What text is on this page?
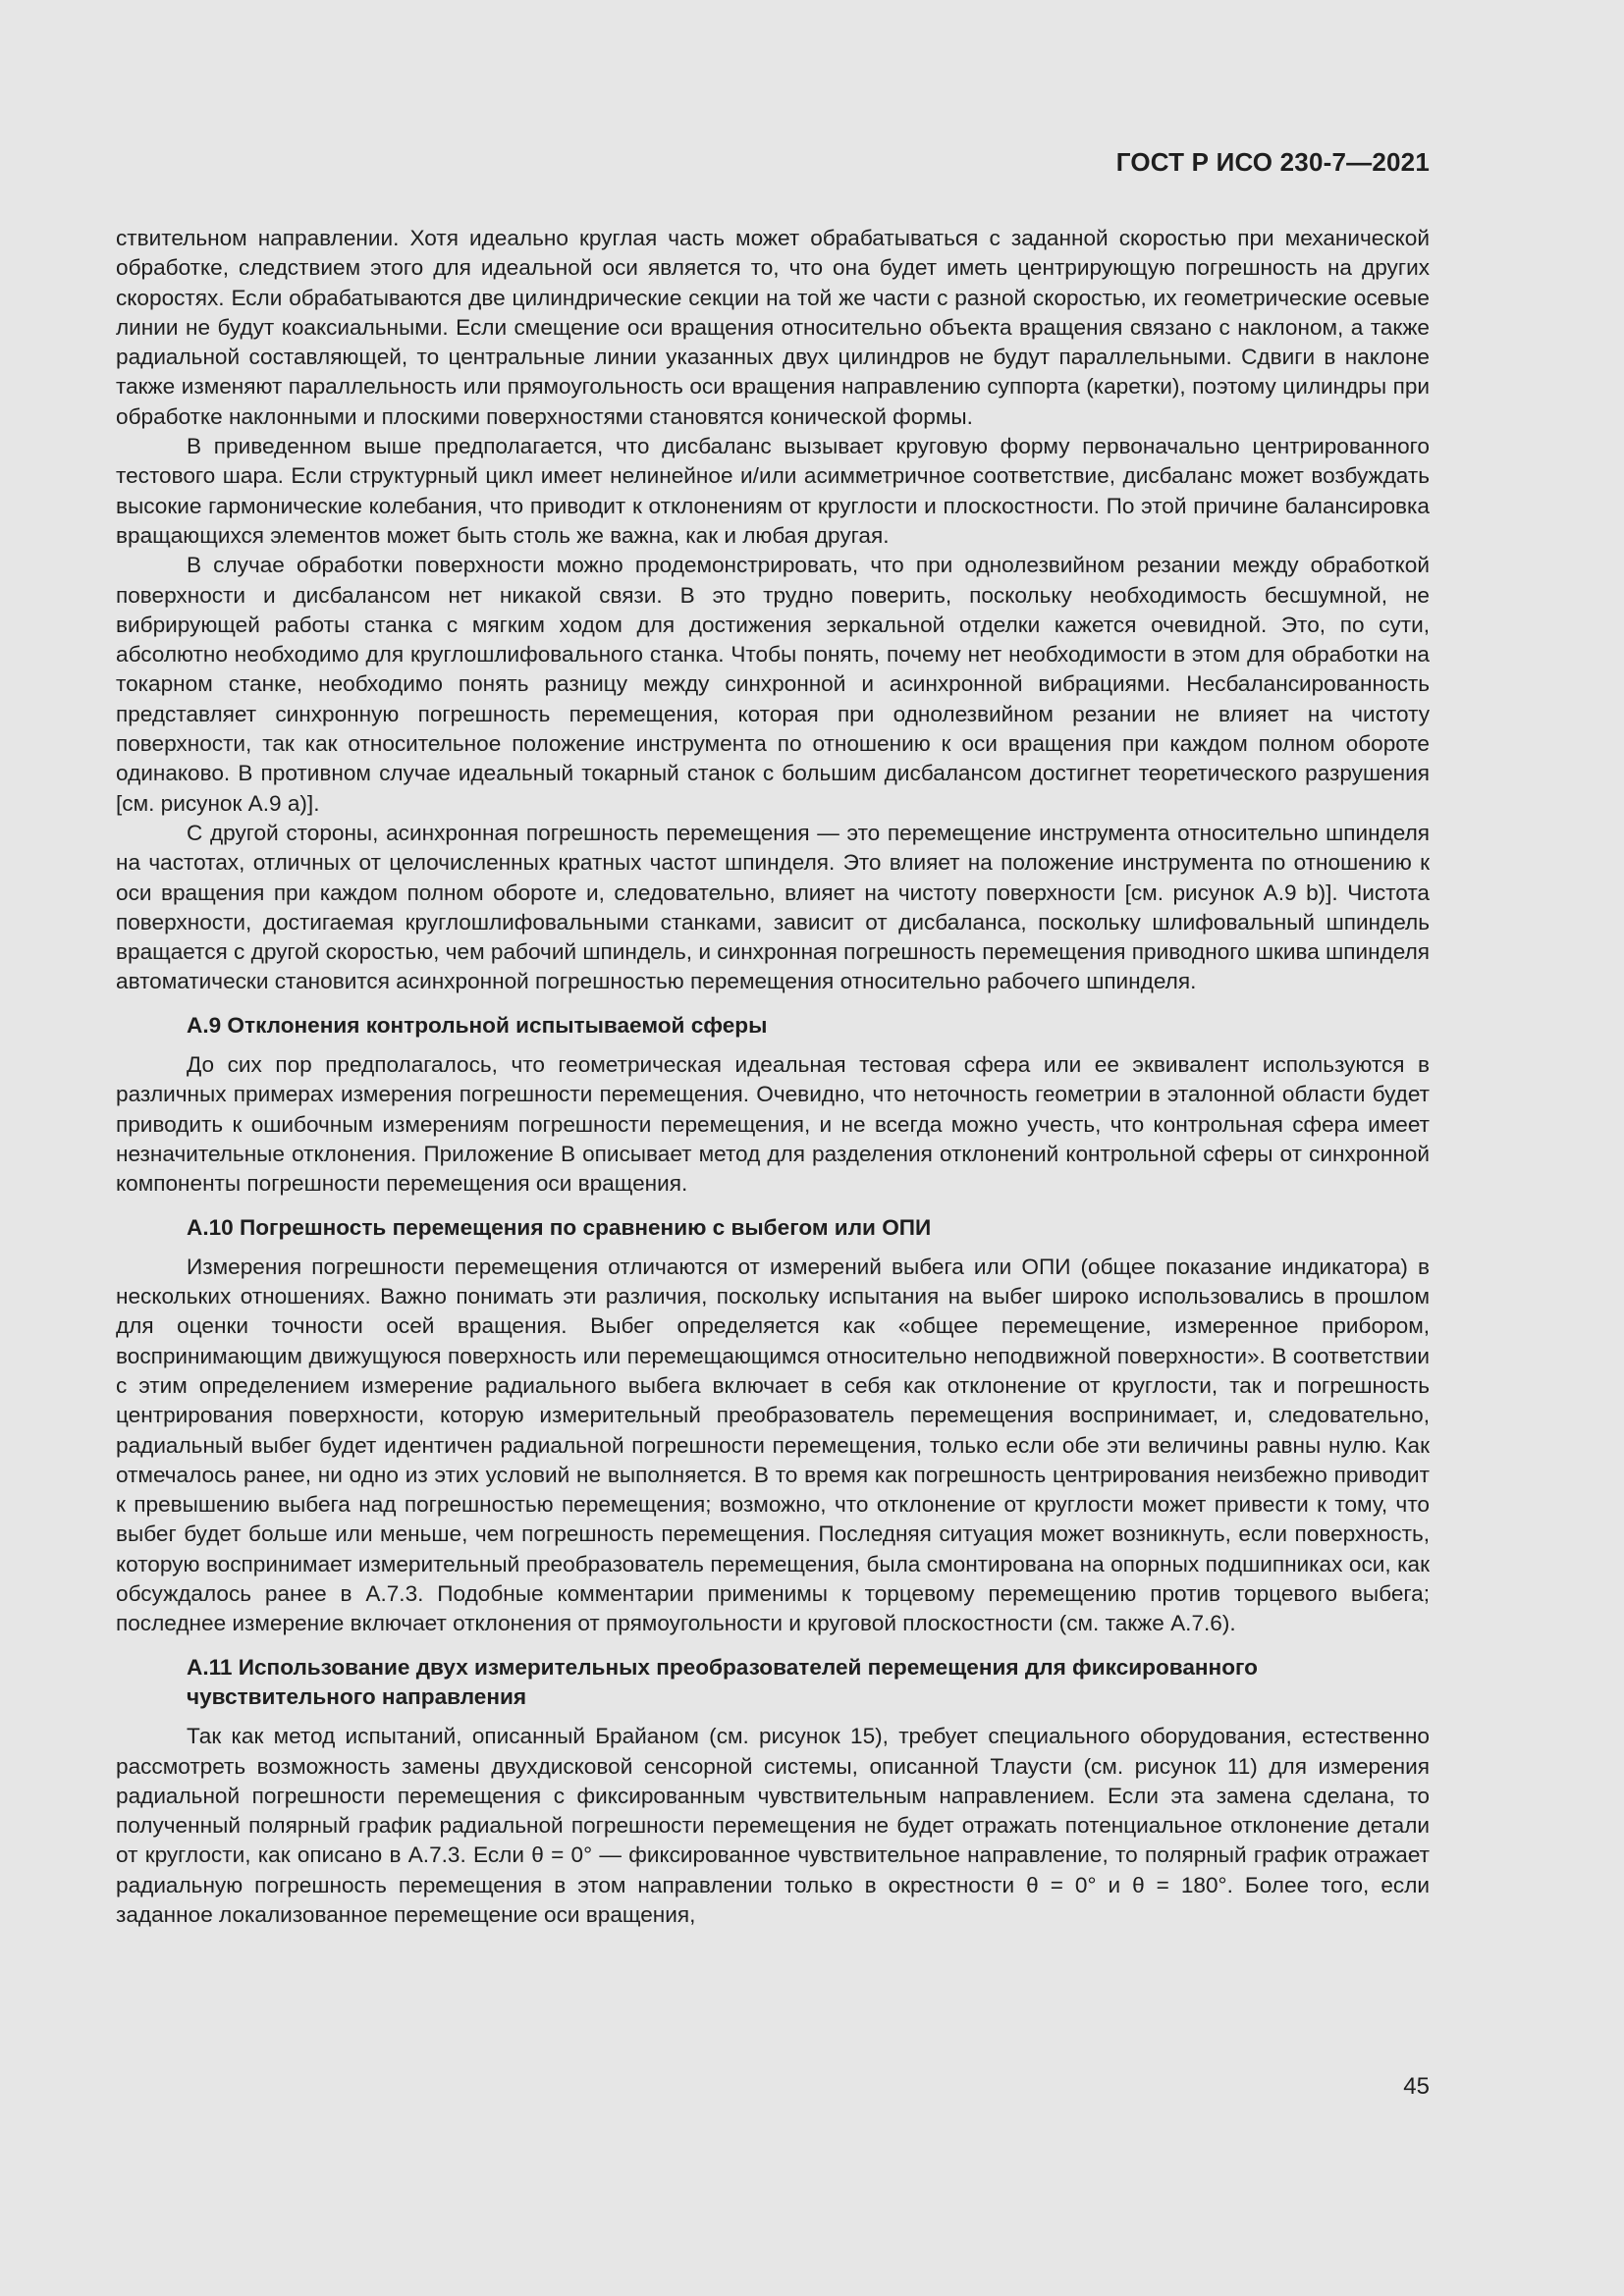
ГОСТ Р ИСО 230-7—2021

ствительном направлении. Хотя идеально круглая часть может обрабатываться с заданной скоростью при механической обработке, следствием этого для идеальной оси является то, что она будет иметь центрирующую погрешность на других скоростях. Если обрабатываются две цилиндрические секции на той же части с разной скоростью, их геометрические осевые линии не будут коаксиальными. Если смещение оси вращения относительно объекта вращения связано с наклоном, а также радиальной составляющей, то центральные линии указанных двух цилиндров не будут параллельными. Сдвиги в наклоне также изменяют параллельность или прямоугольность оси вращения направлению суппорта (каретки), поэтому цилиндры при обработке наклонными и плоскими поверхностями становятся конической формы.

В приведенном выше предполагается, что дисбаланс вызывает круговую форму первоначально центрированного тестового шара. Если структурный цикл имеет нелинейное и/или асимметричное соответствие, дисбаланс может возбуждать высокие гармонические колебания, что приводит к отклонениям от круглости и плоскостности. По этой причине балансировка вращающихся элементов может быть столь же важна, как и любая другая.

В случае обработки поверхности можно продемонстрировать, что при однолезвийном резании между обработкой поверхности и дисбалансом нет никакой связи. В это трудно поверить, поскольку необходимость бесшумной, не вибрирующей работы станка с мягким ходом для достижения зеркальной отделки кажется очевидной. Это, по сути, абсолютно необходимо для круглошлифовального станка. Чтобы понять, почему нет необходимости в этом для обработки на токарном станке, необходимо понять разницу между синхронной и асинхронной вибрациями. Несбалансированность представляет синхронную погрешность перемещения, которая при однолезвийном резании не влияет на чистоту поверхности, так как относительное положение инструмента по отношению к оси вращения при каждом полном обороте одинаково. В противном случае идеальный токарный станок с большим дисбалансом достигнет теоретического разрушения [см. рисунок А.9 а)].

С другой стороны, асинхронная погрешность перемещения — это перемещение инструмента относительно шпинделя на частотах, отличных от целочисленных кратных частот шпинделя. Это влияет на положение инструмента по отношению к оси вращения при каждом полном обороте и, следовательно, влияет на чистоту поверхности [см. рисунок А.9 b)]. Чистота поверхности, достигаемая круглошлифовальными станками, зависит от дисбаланса, поскольку шлифовальный шпиндель вращается с другой скоростью, чем рабочий шпиндель, и синхронная погрешность перемещения приводного шкива шпинделя автоматически становится асинхронной погрешностью перемещения относительно рабочего шпинделя.

А.9 Отклонения контрольной испытываемой сферы

До сих пор предполагалось, что геометрическая идеальная тестовая сфера или ее эквивалент используются в различных примерах измерения погрешности перемещения. Очевидно, что неточность геометрии в эталонной области будет приводить к ошибочным измерениям погрешности перемещения, и не всегда можно учесть, что контрольная сфера имеет незначительные отклонения. Приложение В описывает метод для разделения отклонений контрольной сферы от синхронной компоненты погрешности перемещения оси вращения.

А.10 Погрешность перемещения по сравнению с выбегом или ОПИ

Измерения погрешности перемещения отличаются от измерений выбега или ОПИ (общее показание индикатора) в нескольких отношениях. Важно понимать эти различия, поскольку испытания на выбег широко использовались в прошлом для оценки точности осей вращения. Выбег определяется как «общее перемещение, измеренное прибором, воспринимающим движущуюся поверхность или перемещающимся относительно неподвижной поверхности». В соответствии с этим определением измерение радиального выбега включает в себя как отклонение от круглости, так и погрешность центрирования поверхности, которую измерительный преобразователь перемещения воспринимает, и, следовательно, радиальный выбег будет идентичен радиальной погрешности перемещения, только если обе эти величины равны нулю. Как отмечалось ранее, ни одно из этих условий не выполняется. В то время как погрешность центрирования неизбежно приводит к превышению выбега над погрешностью перемещения; возможно, что отклонение от круглости может привести к тому, что выбег будет больше или меньше, чем погрешность перемещения. Последняя ситуация может возникнуть, если поверхность, которую воспринимает измерительный преобразователь перемещения, была смонтирована на опорных подшипниках оси, как обсуждалось ранее в А.7.3. Подобные комментарии применимы к торцевому перемещению против торцевого выбега; последнее измерение включает отклонения от прямоугольности и круговой плоскостности (см. также А.7.6).

А.11 Использование двух измерительных преобразователей перемещения для фиксированного чувствительного направления

Так как метод испытаний, описанный Брайаном (см. рисунок 15), требует специального оборудования, естественно рассмотреть возможность замены двухдисковой сенсорной системы, описанной Тлаусти (см. рисунок 11) для измерения радиальной погрешности перемещения с фиксированным чувствительным направлением. Если эта замена сделана, то полученный полярный график радиальной погрешности перемещения не будет отражать потенциальное отклонение детали от круглости, как описано в А.7.3. Если θ = 0° — фиксированное чувствительное направление, то полярный график отражает радиальную погрешность перемещения в этом направлении только в окрестности θ = 0° и θ = 180°. Более того, если заданное локализованное перемещение оси вращения,

45
